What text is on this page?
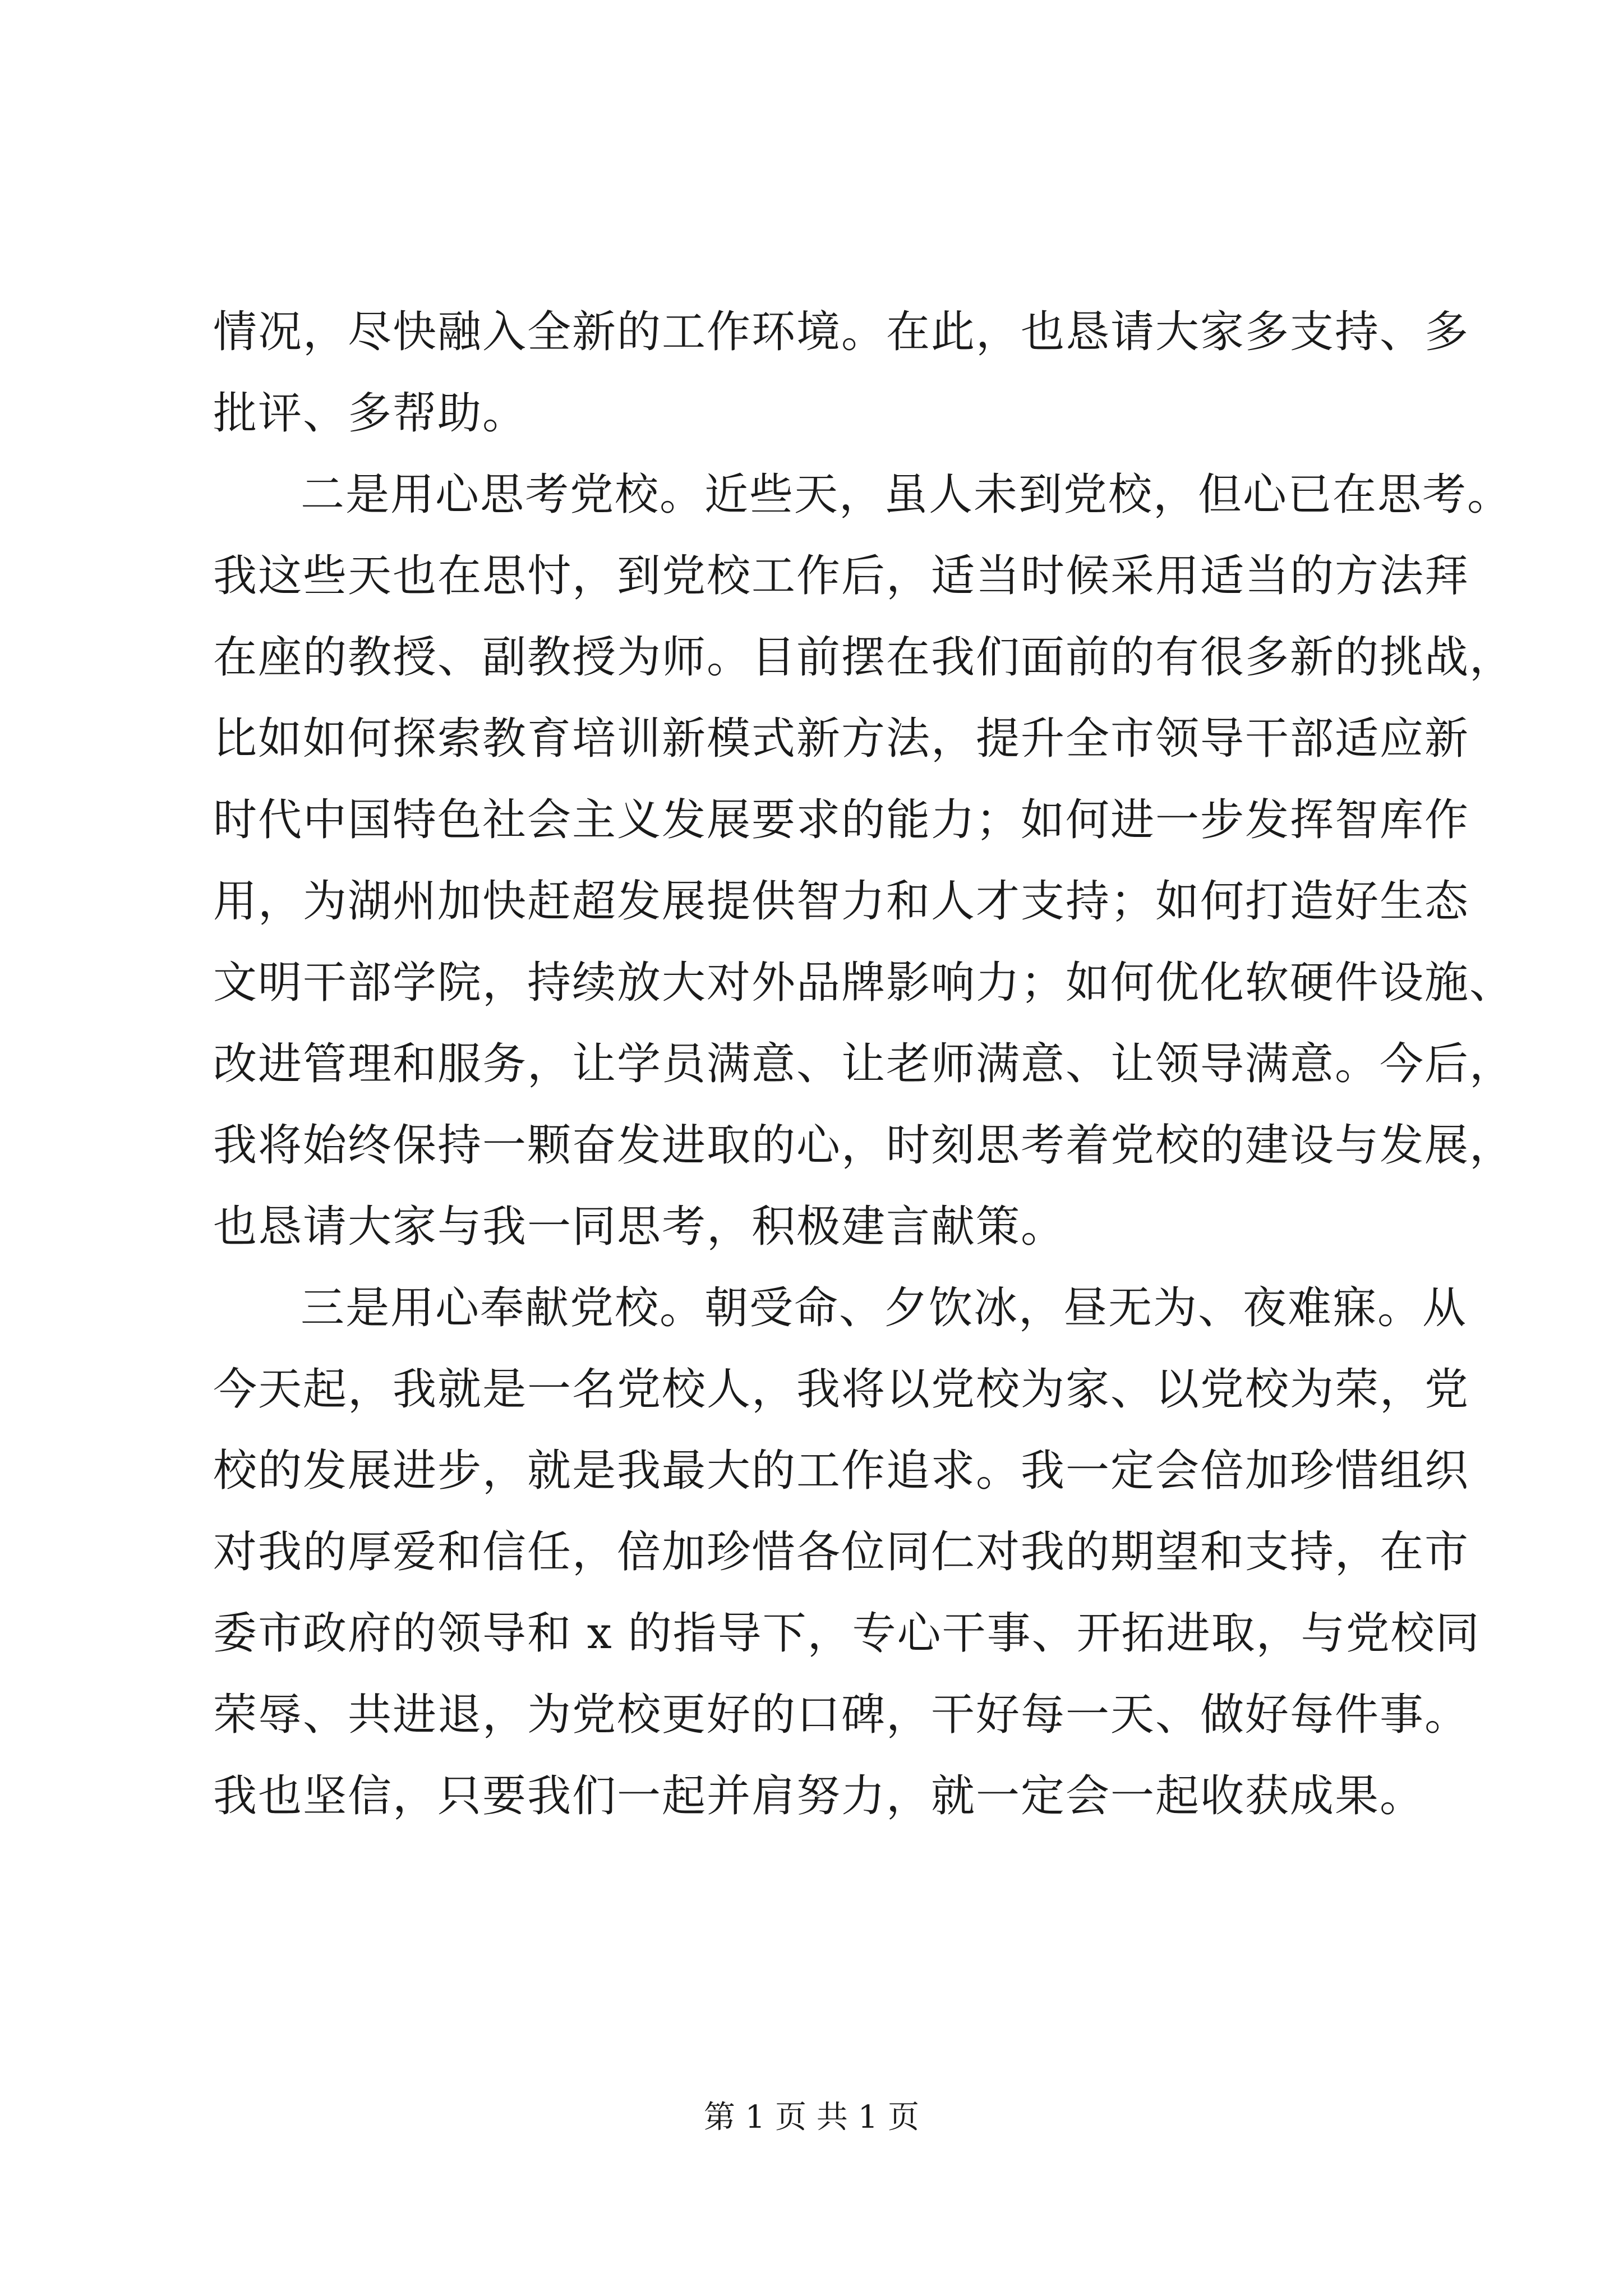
情况，尽快融入全新的工作环境。在此，也恳请大家多支持、多
批评、多帮助。
二是用心思考党校。近些天，虽人未到党校，但心已在思考。
我这些天也在思忖，到党校工作后，适当时候采用适当的方法拜
在座的教授、副教授为师。目前摆在我们面前的有很多新的挑战，
比如如何探索教育培训新模式新方法，提升全市领导干部适应新
时代中国特色社会主义发展要求的能力；如何进一步发挥智库作
用，为湖州加快赶超发展提供智力和人才支持；如何打造好生态
文明干部学院，持续放大对外品牌影响力；如何优化软硬件设施、
改进管理和服务，让学员满意、让老师满意、让领导满意。今后，
我将始终保持一颗奋发进取的心，时刻思考着党校的建设与发展，
也恳请大家与我一同思考，积极建言献策。
三是用心奉献党校。朝受命、夕饮冰，昼无为、夜难寐。从
今天起，我就是一名党校人，我将以党校为家、以党校为荣，党
校的发展进步，就是我最大的工作追求。我一定会倍加珍惜组织
对我的厚爱和信任，倍加珍惜各位同仁对我的期望和支持，在市
委市政府的领导和 x 的指导下，专心干事、开拓进取，与党校同
荣辱、共进退，为党校更好的口碑，干好每一天、做好每件事。
我也坚信，只要我们一起并肩努力，就一定会一起收获成果。
第 1 页 共 1 页
